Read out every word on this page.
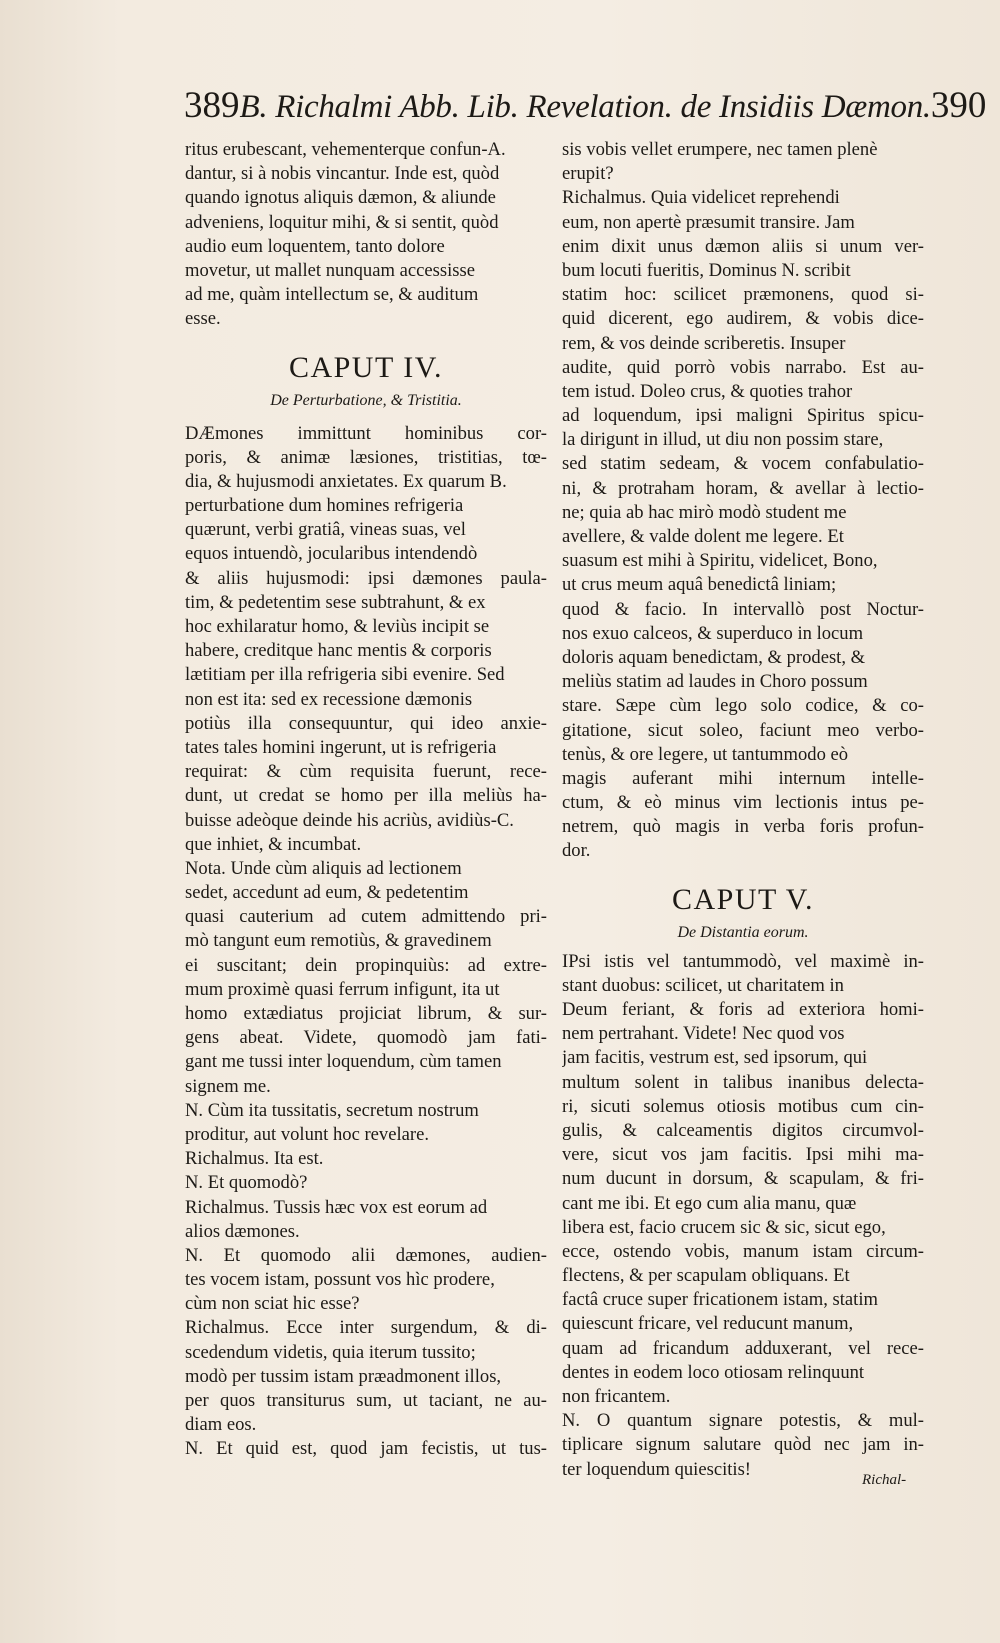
389 B. Richalmi Abb. Lib. Revelation. de Insidiis Dæmon. 390
ritus erubescant, vehementerque confun-A.
dantur, si à nobis vincantur. Inde est, quòd
quando ignotus aliquis dæmon, & aliunde
adveniens, loquitur mihi, & si sentit, quòd
audio eum loquentem, tanto dolore
movetur, ut mallet nunquam accessisse
ad me, quàm intellectum se, & auditum
esse.
CAPUT IV.
De Perturbatione, & Tristitia.
DÆmones immittunt hominibus cor-
poris, & animæ læsiones, tristitias, tœ-
dia, & hujusmodi anxietates. Ex quarum B.
perturbatione dum homines refrigeria
quærunt, verbi gratiâ, vineas suas, vel
equos intuendò, jocularibus intendendò
& aliis hujusmodi: ipsi dæmones paula-
tim, & pedetentim sese subtrahunt, & ex
hoc exhilaratur homo, & leviùs incipit se
habere, creditque hanc mentis & corporis
lætitiam per illa refrigeria sibi evenire. Sed
non est ita: sed ex recessione dæmonis
potiùs illa consequuntur, qui ideo anxie-
tates tales homini ingerunt, ut is refrigeria
requirat: & cùm requisita fuerunt, rece-
dunt, ut credat se homo per illa meliùs ha-
buisse adeòque deinde his acriùs, avidiùs-C.
que inhiet, & incumbat.
Nota. Unde cùm aliquis ad lectionem
sedet, accedunt ad eum, & pedetentim
quasi cauterium ad cutem admittendo pri-
mò tangunt eum remotiùs, & gravedinem
ei suscitant; dein propinquiùs: ad extre-
mum proximè quasi ferrum infigunt, ita ut
homo extædiatus projiciat librum, & sur-
gens abeat. Videte, quomodò jam fati-
gant me tussi inter loquendum, cùm tamen
signem me.
N. Cùm ita tussitatis, secretum nostrum
proditur, aut volunt hoc revelare.
Richalmus. Ita est.
N. Et quomodò?
Richalmus. Tussis hæc vox est eorum ad
alios dæmones.
N. Et quomodo alii dæmones, audien-
tes vocem istam, possunt vos hìc prodere,
cùm non sciat hic esse?
Richalmus. Ecce inter surgendum, & di-
scedendum videtis, quia iterum tussito;
modò per tussim istam præadmonent illos,
per quos transiturus sum, ut taciant, ne au-
diam eos.
N. Et quid est, quod jam fecistis, ut tus-
sis vobis vellet erumpere, nec tamen plenè
erupit?
Richalmus. Quia videlicet reprehendi
eum, non apertè præsumit transire. Jam
enim dixit unus dæmon aliis si unum ver-
bum locuti fueritis, Dominus N. scribit
statim hoc: scilicet præmonens, quod si-
quid dicerent, ego audirem, & vobis dice-
rem, & vos deinde scriberetis. Insuper
audite, quid porrò vobis narrabo. Est au-
tem istud. Doleo crus, & quoties trahor
ad loquendum, ipsi maligni Spiritus spicu-
la dirigunt in illud, ut diu non possim stare,
sed statim sedeam, & vocem confabulatio-
ni, & protraham horam, & avellar à lectio-
ne; quia ab hac mirò modò student me
avellere, & valde dolent me legere. Et
suasum est mihi à Spiritu, videlicet, Bono,
ut crus meum aquâ benedictâ liniam;
quod & facio. In intervallò post Noctur-
nos exuo calceos, & superduco in locum
doloris aquam benedictam, & prodest, &
meliùs statim ad laudes in Choro possum
stare. Sæpe cùm lego solo codice, & co-
gitatione, sicut soleo, faciunt meo verbo-
tenùs, & ore legere, ut tantummodo eò
magis auferant mihi internum intelle-
ctum, & eò minus vim lectionis intus pe-
netrem, quò magis in verba foris profun-
dor.
CAPUT V.
De Distantia eorum.
IPsi istis vel tantummodò, vel maximè in-
stant duobus: scilicet, ut charitatem in
Deum feriant, & foris ad exteriora homi-
nem pertrahant. Videte! Nec quod vos
jam facitis, vestrum est, sed ipsorum, qui
multum solent in talibus inanibus delecta-
ri, sicuti solemus otiosis motibus cum cin-
gulis, & calceamentis digitos circumvol-
vere, sicut vos jam facitis. Ipsi mihi ma-
num ducunt in dorsum, & scapulam, & fri-
cant me ibi. Et ego cum alia manu, quæ
libera est, facio crucem sic & sic, sicut ego,
ecce, ostendo vobis, manum istam circum-
flectens, & per scapulam obliquans. Et
factâ cruce super fricationem istam, statim
quiescunt fricare, vel reducunt manum,
quam ad fricandum adduxerant, vel rece-
dentes in eodem loco otiosam relinquunt
non fricantem.
N. O quantum signare potestis, & mul-
tiplicare signum salutare quòd nec jam in-
ter loquendum quiescitis!
Richal-
